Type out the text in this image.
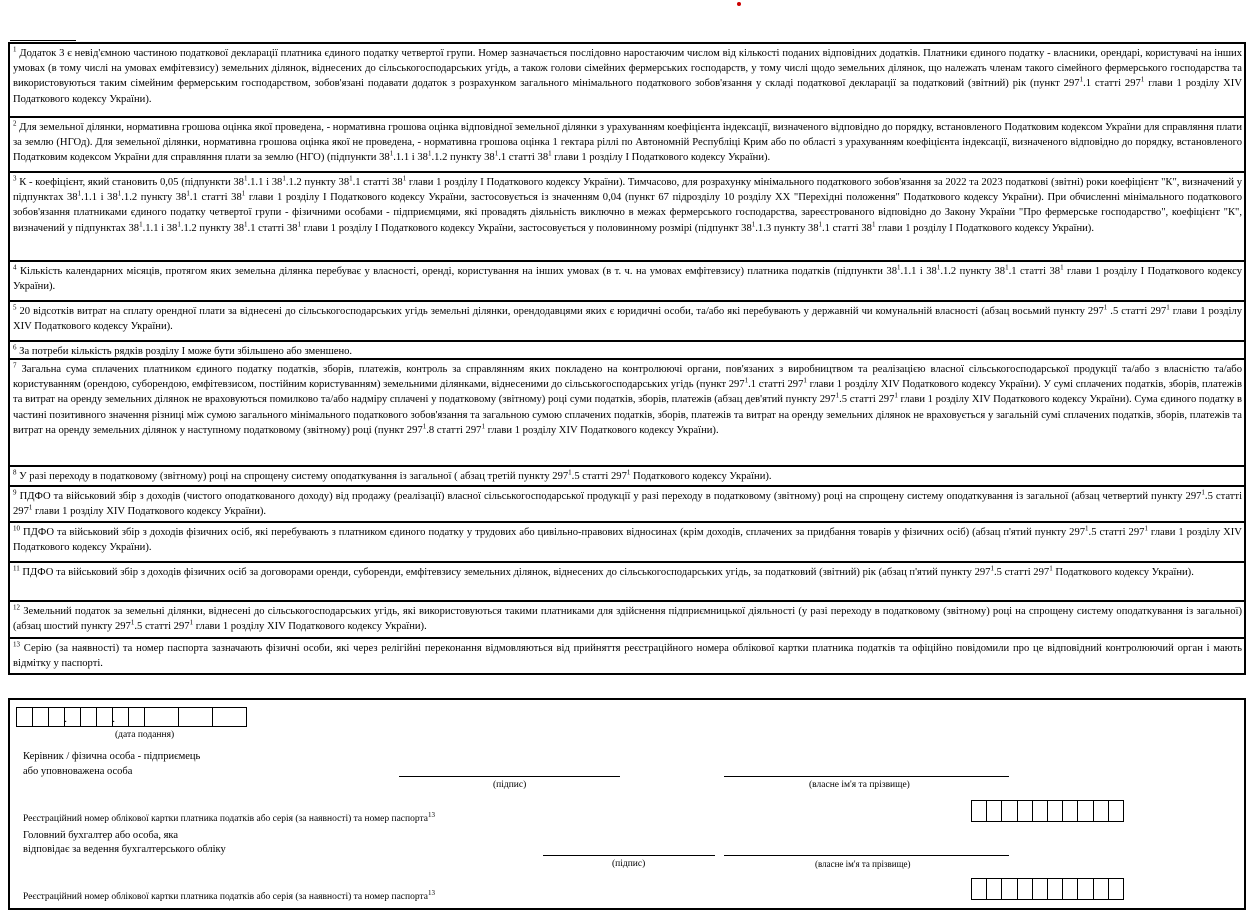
$^1$ Додаток 3 є невід'ємною частиною податкової декларації платника єдиного податку четвертої групи. Номер зазначається послідовно наростаючим числом від кількості поданих відповідних додатків. Платники єдиного податку - власники, орендарі, користувачі на інших умовах (в тому числі на умовах емфітевзису) земельних ділянок, віднесених до сільськогосподарських угідь, а також голови сімейних фермерських господарств, у тому числі щодо земельних ділянок, що належать членам такого сімейного фермерського господарства та використовуються таким сімейним фермерським господарством, зобов'язані подавати додаток з розрахунком загального мінімального податкового зобов'язання у складі податкової декларації за податковий (звітний) рік (пункт $297^1.1$ статті $297^1$ глави 1 розділу XIV Податкового кодексу України).
$^2$ Для земельної ділянки, нормативна грошова оцінка якої проведена, - нормативна грошова оцінка відповідної земельної ділянки з урахуванням коефіцієнта індексації, визначеного відповідно до порядку, встановленого Податковим кодексом України для справляння плати за землю (НГОд). Для земельної ділянки, нормативна грошова оцінка якої не проведена, - нормативна грошова оцінка 1 гектара ріллі по Автономній Республіці Крим або по області з урахуванням коефіцієнта індексації, визначеного відповідно до порядку, встановленого Податковим кодексом України для справляння плати за землю (НГО) (підпункти $38^1.1.1$ і $38^1.1.2$ пункту $38^1.1$ статті $38^1$ глави 1 розділу І Податкового кодексу України).
$^3$ К - коефіцієнт, який становить 0,05 (підпункти $38^1.1.1$ і $38^1.1.2$ пункту $38^1.1$ статті $38^1$ глави 1 розділу І Податкового кодексу України). Тимчасово, для розрахунку мінімального податкового зобов'язання за 2022 та 2023 податкові (звітні) роки коефіцієнт "К", визначений у підпунктах $38^1.1.1$ і $38^1.1.2$ пункту $38^1.1$ статті $38^1$ глави 1 розділу І Податкового кодексу України, застосовується із значенням 0,04 (пункт 67 підрозділу 10 розділу XX "Перехідні положення" Податкового кодексу України). При обчисленні мінімального податкового зобов'язання платниками єдиного податку четвертої групи - фізичними особами - підприємцями, які провадять діяльність виключно в межах фермерського господарства, зареєстрованого відповідно до Закону України "Про фермерське господарство", коефіцієнт "К", визначений у підпунктах $38^1.1.1$ і $38^1.1.2$ пункту $38^1.1$ статті $38^1$ глави 1 розділу І Податкового кодексу України, застосовується у половинному розмірі (підпункт $38^1.1.3$ пункту $38^1.1$ статті $38^1$ глави 1 розділу І Податкового кодексу України).
$^4$ Кількість календарних місяців, протягом яких земельна ділянка перебуває у власності, оренді, користування на інших умовах (в т. ч. на умовах емфітевзису) платника податків (підпункти $38^1.1.1$ і $38^1.1.2$ пункту $38^1.1$ статті $38^1$ глави 1 розділу І Податкового кодексу України).
$^5$ 20 відсотків витрат на сплату орендної плати за віднесені до сільськогосподарських угідь земельні ділянки, орендодавцями яких є юридичні особи, та/або які перебувають у державній чи комунальній власності (абзац восьмий пункту $297^1$ .5 статті $297^1$ глави 1 розділу XIV Податкового кодексу України).
$^6$ За потреби кількість рядків розділу І може бути збільшено або зменшено.
$^7$ Загальна сума сплачених платником єдиного податку податків, зборів, платежів, контроль за справлянням яких покладено на контролюючі органи, пов'язаних з виробництвом та реалізацією власної сільськогосподарської продукції та/або з власністю та/або користуванням (орендою, суборендою, емфітевзисом, постійним користуванням) земельними ділянками, віднесеними до сільськогосподарських угідь (пункт $297^1.1$ статті $297^1$ глави 1 розділу XIV Податкового кодексу України). У сумі сплачених податків, зборів, платежів та витрат на оренду земельних ділянок не враховуються помилково та/або надміру сплачені у податковому (звітному) році суми податків, зборів, платежів (абзац дев'ятий пункту $297^1.5$ статті $297^1$ глави 1 розділу XIV Податкового кодексу України). Сума єдиного податку в частині позитивного значення різниці між сумою загального мінімального податкового зобов'язання та загальною сумою сплачених податків, зборів, платежів та витрат на оренду земельних ділянок не враховується у загальній сумі сплачених податків, зборів, платежів та витрат на оренду земельних ділянок у наступному податковому (звітному) році (пункт $297^1.8$ статті $297^1$ глави 1 розділу XIV Податкового кодексу України).
$^8$ У разі переходу в податковому (звітному) році на спрощену систему оподаткування із загальної ( абзац третій пункту $297^1.5$ статті $297^1$ Податкового кодексу України).
$^9$ ПДФО та військовий збір з доходів (чистого оподаткованого доходу) від продажу (реалізації) власної сільськогосподарської продукції у разі переходу в податковому (звітному) році на спрощену систему оподаткування із загальної (абзац четвертий пункту $297^1.5$ статті $297^1$ глави 1 розділу XIV Податкового кодексу України).
$^{10}$ ПДФО та військовий збір з доходів фізичних осіб, які перебувають з платником єдиного податку у трудових або цивільно-правових відносинах (крім доходів, сплачених за придбання товарів у фізичних осіб) (абзац п'ятий пункту $297^1.5$ статті $297^1$ глави 1 розділу XIV Податкового кодексу України).
$^{11}$ ПДФО та військовий збір з доходів фізичних осіб за договорами оренди, суборенди, емфітевзису земельних ділянок, віднесених до сільськогосподарських угідь, за податковий (звітний) рік (абзац п'ятий пункту $297^1.5$ статті $297^1$ Податкового кодексу України).
$^{12}$ Земельний податок за земельні ділянки, віднесені до сільськогосподарських угідь, які використовуються такими платниками для здійснення підприємницької діяльності (у разі переходу в податковому (звітному) році на спрощену систему оподаткування із загальної) (абзац шостий пункту $297^1.5$ статті $297^1$ глави 1 розділу XIV Податкового кодексу України).
$^{13}$ Серію (за наявності) та номер паспорта зазначають фізичні особи, які через релігійні переконання відмовляються від прийняття реєстраційного номера облікової картки платника податків та офіційно повідомили про це відповідний контролюючий орган і мають відмітку у паспорті.
.	.
(дата подання)
Керівник / фізична особа - підприємець
або уповноважена особа
(підпис)	(власне ім'я та прізвище)
Реєстраційний номер облікової картки платника податків або серія (за наявності) та номер паспорта$^{13}$
Головний бухгалтер або особа, яка
відповідає за ведення бухгалтерського обліку
(підпис)	(власне ім'я та прізвище)
Реєстраційний номер облікової картки платника податків або серія (за наявності) та номер паспорта$^{13}$
